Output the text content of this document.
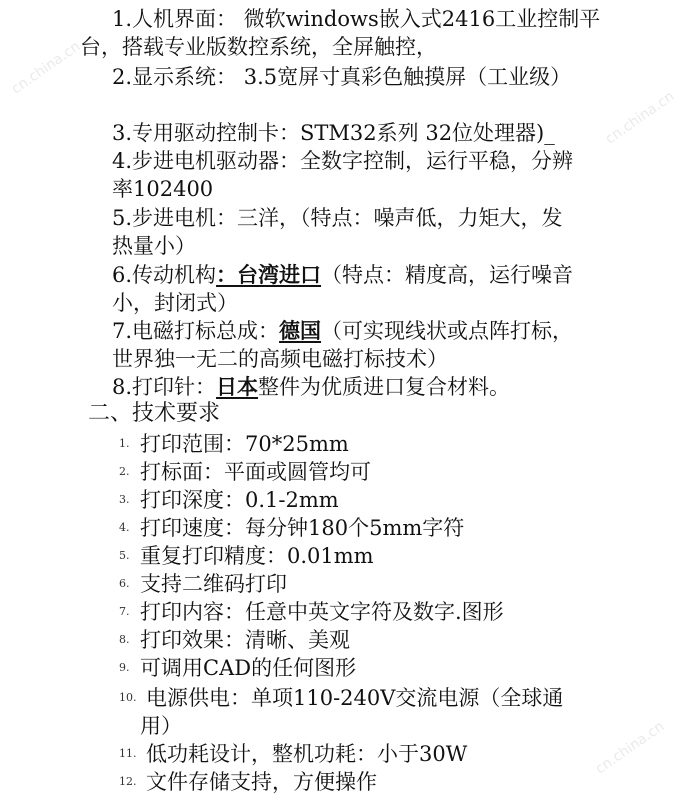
cn.china.cn
cn.china.cn
cn.china.cn
1.人机界面： 微软windows嵌入式2416工业控制平
台，搭载专业版数控系统，全屏触控，
2.显示系统： 3.5宽屏寸真彩色触摸屏（工业级）
3.专用驱动控制卡：STM32系列 32位处理器)_
4.步进电机驱动器：全数字控制，运行平稳，分辨
率102400
5.步进电机：三洋，（特点：噪声低，力矩大，发
热量小）
6.传动机构：台湾进口（特点：精度高，运行噪音
小，封闭式）
7.电磁打标总成：德国（可实现线状或点阵打标，
世界独一无二的高频电磁打标技术）
8.打印针：日本整件为优质进口复合材料。
二、技术要求
1. 打印范围：70*25mm
2. 打标面：平面或圆管均可
3. 打印深度：0.1-2mm
4. 打印速度：每分钟180个5mm字符
5. 重复打印精度：0.01mm
6. 支持二维码打印
7. 打印内容：任意中英文字符及数字.图形
8. 打印效果：清晰、美观
9. 可调用CAD的任何图形
10. 电源供电：单项110-240V交流电源（全球通
用）
11. 低功耗设计，整机功耗：小于30W
12. 文件存储支持，方便操作
